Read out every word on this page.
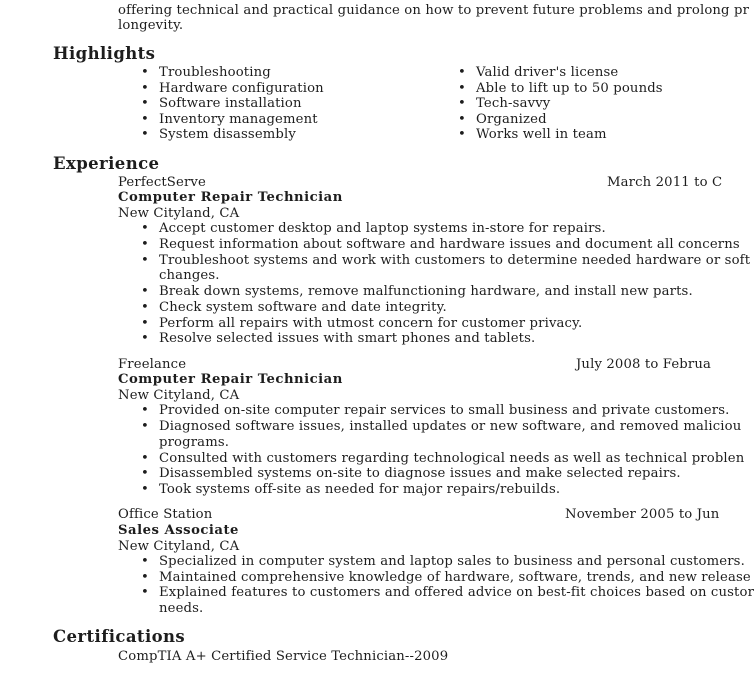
offering technical and practical guidance on how to prevent future problems and prolong pr
longevity.
Highlights
• Troubleshooting
• Hardware configuration
• Software installation
• Inventory management
• System disassembly
• Valid driver's license
• Able to lift up to 50 pounds
• Tech-savvy
• Organized
• Works well in team
Experience
PerfectServe	March 2011 to C
Computer Repair Technician
New Cityland, CA
• Accept customer desktop and laptop systems in-store for repairs.
• Request information about software and hardware issues and document all concerns
• Troubleshoot systems and work with customers to determine needed hardware or soft
changes.
• Break down systems, remove malfunctioning hardware, and install new parts.
• Check system software and date integrity.
• Perform all repairs with utmost concern for customer privacy.
• Resolve selected issues with smart phones and tablets.
Freelance	July 2008 to Februa
Computer Repair Technician
New Cityland, CA
• Provided on-site computer repair services to small business and private customers.
• Diagnosed software issues, installed updates or new software, and removed maliciou
programs.
• Consulted with customers regarding technological needs as well as technical problen
• Disassembled systems on-site to diagnose issues and make selected repairs.
• Took systems off-site as needed for major repairs/rebuilds.
Office Station	November 2005 to Jun
Sales Associate
New Cityland, CA
• Specialized in computer system and laptop sales to business and personal customers.
• Maintained comprehensive knowledge of hardware, software, trends, and new release
• Explained features to customers and offered advice on best-fit choices based on custor
needs.
Certifications
CompTIA A+ Certified Service Technician--2009
